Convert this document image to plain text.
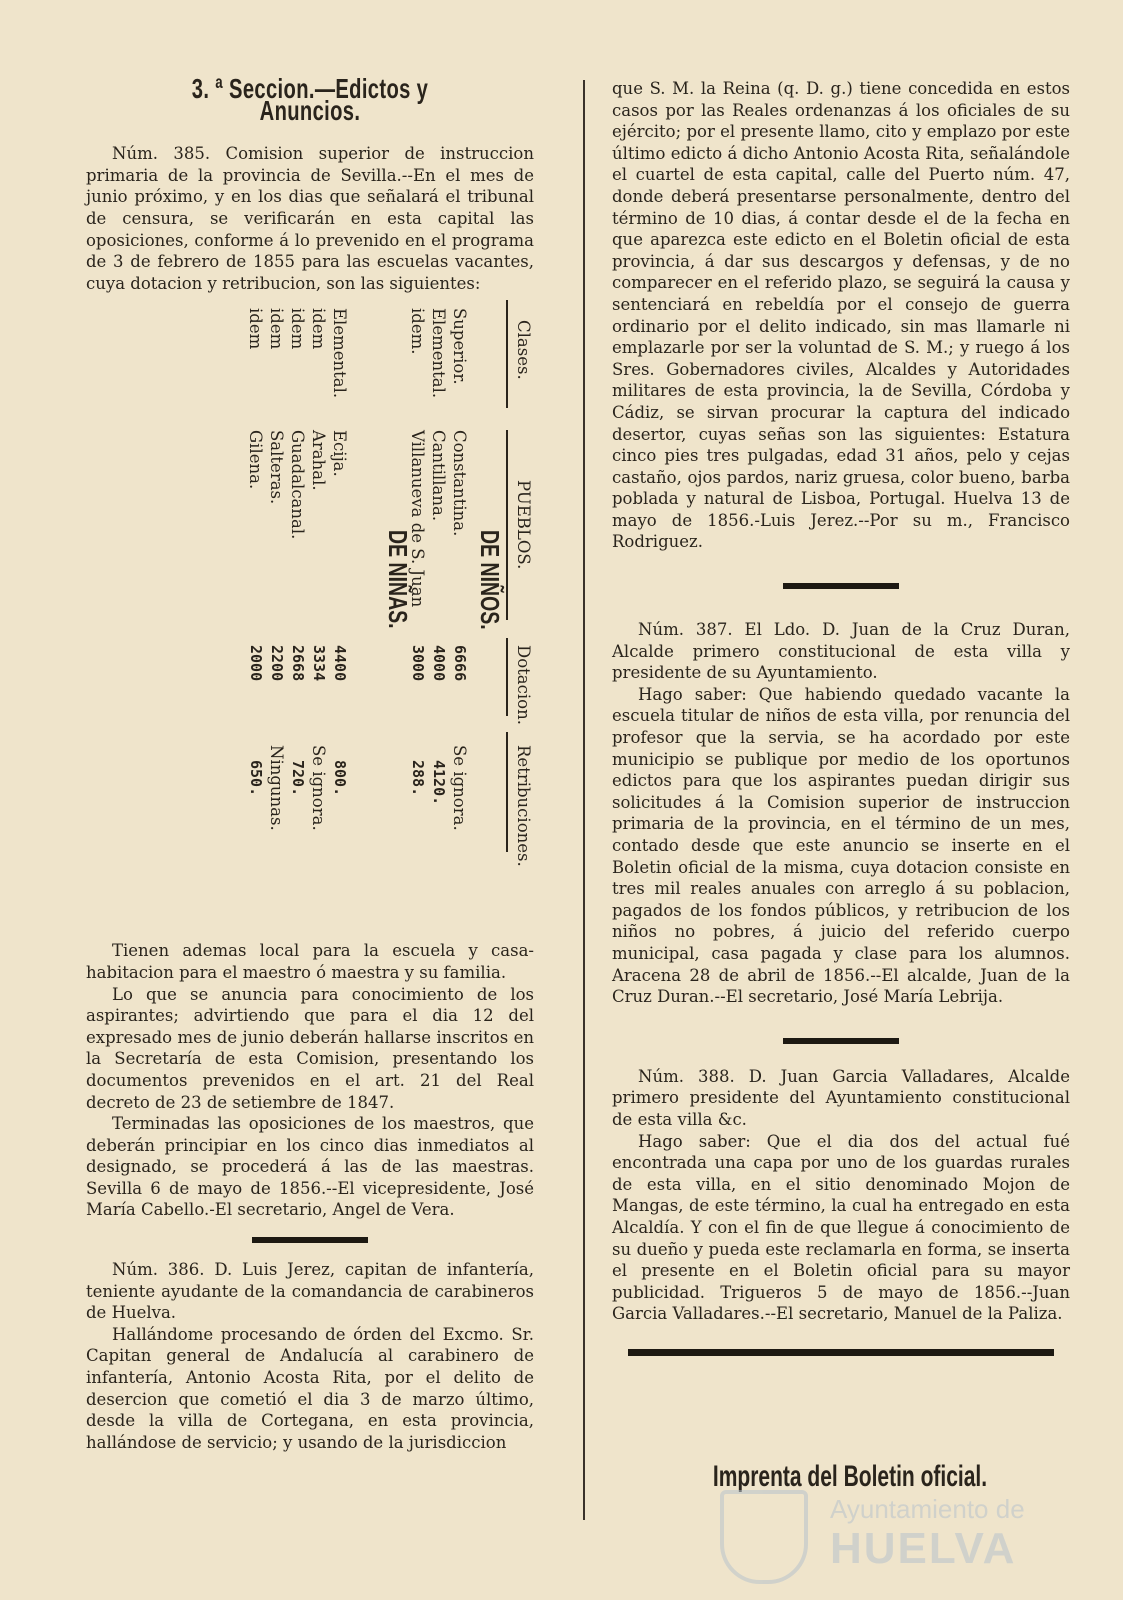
3. ª Seccion.—Edictos y Anuncios.

Núm. 385. Comision superior de instruccion primaria de la provincia de Sevilla.--En el mes de junio próximo, y en los dias que señalará el tribunal de censura, se verificarán en esta capital las oposiciones, conforme á lo prevenido en el programa de 3 de febrero de 1855 para las escuelas vacantes, cuya dotacion y retribucion, son las siguientes:

Clases.
PUEBLOS.
Dotacion.
Retribuciones.
DE NIÑOS.
Superior.
Constantina.
6666
Se ignora.
Elemental.
Cantillana.
4000
4120.
idem.
Villanueva de S. Juan
3000
288.
DE NIÑAS.
Elemental.
Ecija.
4400
800.
idem
Arahal.
3334
Se ignora.
idem
Guadalcanal.
2668
720.
idem
Salteras.
2200
Ningunas.
idem
Gilena.
2000
650.

Tienen ademas local para la escuela y casa-habitacion para el maestro ó maestra y su familia.

Lo que se anuncia para conocimiento de los aspirantes; advirtiendo que para el dia 12 del expresado mes de junio deberán hallarse inscritos en la Secretaría de esta Comision, presentando los documentos prevenidos en el art. 21 del Real decreto de 23 de setiembre de 1847.

Terminadas las oposiciones de los maestros, que deberán principiar en los cinco dias inmediatos al designado, se procederá á las de las maestras. Sevilla 6 de mayo de 1856.--El vicepresidente, José María Cabello.-El secretario, Angel de Vera.

Núm. 386. D. Luis Jerez, capitan de infantería, teniente ayudante de la comandancia de carabineros de Huelva.

Hallándome procesando de órden del Excmo. Sr. Capitan general de Andalucía al carabinero de infantería, Antonio Acosta Rita, por el delito de desercion que cometió el dia 3 de marzo último, desde la villa de Cortegana, en esta provincia, hallándose de servicio; y usando de la jurisdiccion

que S. M. la Reina (q. D. g.) tiene concedida en estos casos por las Reales ordenanzas á los oficiales de su ejército; por el presente llamo, cito y emplazo por este último edicto á dicho Antonio Acosta Rita, señalándole el cuartel de esta capital, calle del Puerto núm. 47, donde deberá presentarse personalmente, dentro del término de 10 dias, á contar desde el de la fecha en que aparezca este edicto en el Boletin oficial de esta provincia, á dar sus descargos y defensas, y de no comparecer en el referido plazo, se seguirá la causa y sentenciará en rebeldía por el consejo de guerra ordinario por el delito indicado, sin mas llamarle ni emplazarle por ser la voluntad de S. M.; y ruego á los Sres. Gobernadores civiles, Alcaldes y Autoridades militares de esta provincia, la de Sevilla, Córdoba y Cádiz, se sirvan procurar la captura del indicado desertor, cuyas señas son las siguientes: Estatura cinco pies tres pulgadas, edad 31 años, pelo y cejas castaño, ojos pardos, nariz gruesa, color bueno, barba poblada y natural de Lisboa, Portugal. Huelva 13 de mayo de 1856.-Luis Jerez.--Por su m., Francisco Rodriguez.

Núm. 387. El Ldo. D. Juan de la Cruz Duran, Alcalde primero constitucional de esta villa y presidente de su Ayuntamiento.

Hago saber: Que habiendo quedado vacante la escuela titular de niños de esta villa, por renuncia del profesor que la servia, se ha acordado por este municipio se publique por medio de los oportunos edictos para que los aspirantes puedan dirigir sus solicitudes á la Comision superior de instruccion primaria de la provincia, en el término de un mes, contado desde que este anuncio se inserte en el Boletin oficial de la misma, cuya dotacion consiste en tres mil reales anuales con arreglo á su poblacion, pagados de los fondos públicos, y retribucion de los niños no pobres, á juicio del referido cuerpo municipal, casa pagada y clase para los alumnos. Aracena 28 de abril de 1856.--El alcalde, Juan de la Cruz Duran.--El secretario, José María Lebrija.

Núm. 388. D. Juan Garcia Valladares, Alcalde primero presidente del Ayuntamiento constitucional de esta villa &c.

Hago saber: Que el dia dos del actual fué encontrada una capa por uno de los guardas rurales de esta villa, en el sitio denominado Mojon de Mangas, de este término, la cual ha entregado en esta Alcaldía. Y con el fin de que llegue á conocimiento de su dueño y pueda este reclamarla en forma, se inserta el presente en el Boletin oficial para su mayor publicidad. Trigueros 5 de mayo de 1856.--Juan Garcia Valladares.--El secretario, Manuel de la Paliza.

Imprenta del Boletin oficial.
Ayuntamiento de
HUELVA
